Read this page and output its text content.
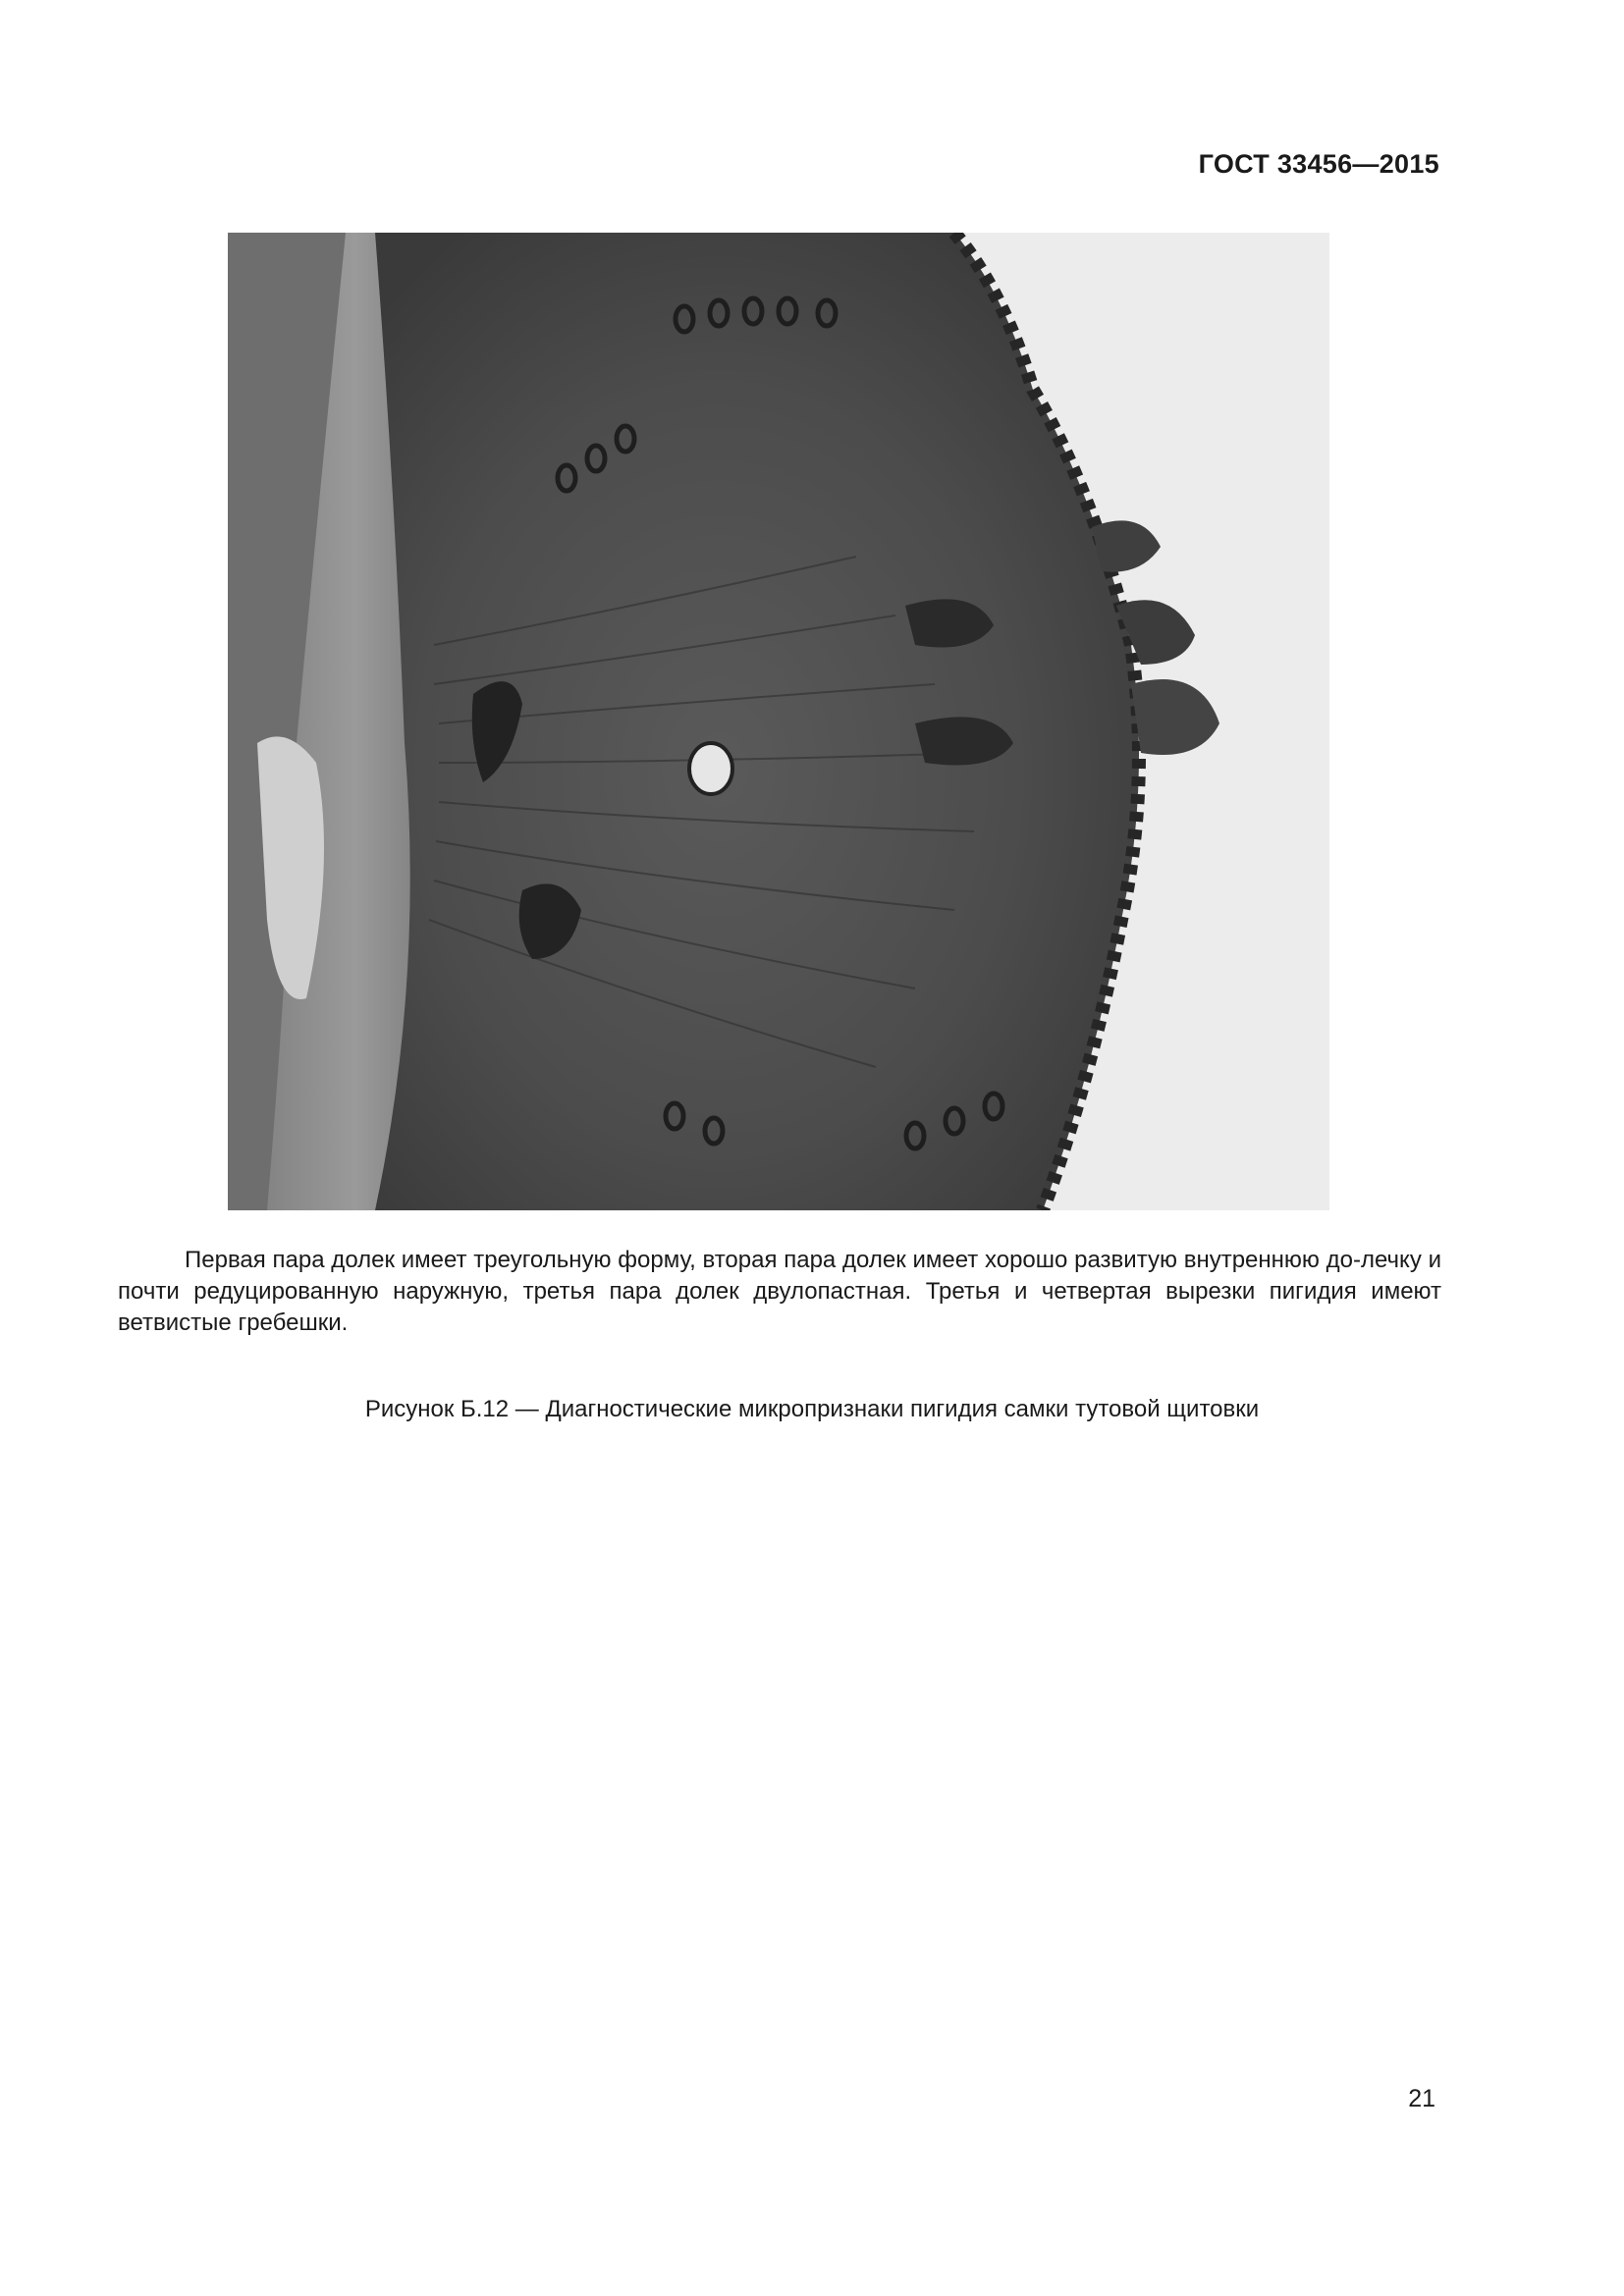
ГОСТ 33456—2015

Первая пара долек имеет треугольную форму, вторая пара долек имеет хорошо развитую внутреннюю до-лечку и почти редуцированную наружную, третья пара долек двулопастная. Третья и четвертая вырезки пигидия имеют ветвистые гребешки.

Рисунок Б.12 — Диагностические микропризнаки пигидия самки тутовой щитовки

21
